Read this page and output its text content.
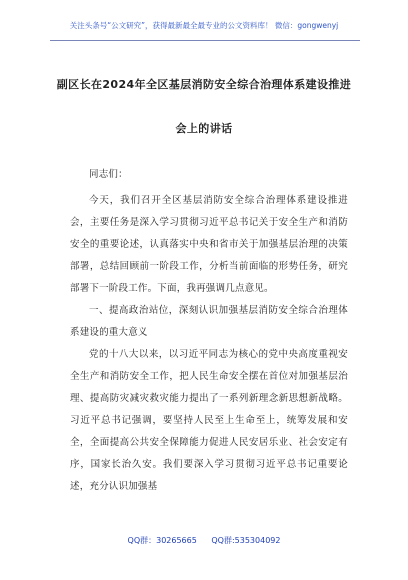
关注头条号“公文研究”，获得最新最全最专业的公文资料库！ 微信：gongwenyj
副区长在2024年全区基层消防安全综合治理体系建设推进
会上的讲话

同志们：

今天，我们召开全区基层消防安全综合治理体系建设推进会，主要任务是深入学习贯彻习近平总书记关于安全生产和消防安全的重要论述，认真落实中央和省市关于加强基层治理的决策部署，总结回顾前一阶段工作，分析当前面临的形势任务，研究部署下一阶段工作。下面，我再强调几点意见。

一、提高政治站位，深刻认识加强基层消防安全综合治理体系建设的重大意义

党的十八大以来，以习近平同志为核心的党中央高度重视安全生产和消防安全工作，把人民生命安全摆在首位对加强基层治理、提高防灾减灾救灾能力提出了一系列新理念新思想新战略。习近平总书记强调，要坚持人民至上生命至上，统筹发展和安全，全面提高公共安全保障能力促进人民安居乐业、社会安定有序，国家长治久安。我们要深入学习贯彻习近平总书记重要论述，充分认识加强基

QQ群：30265665 QQ群:535304092
